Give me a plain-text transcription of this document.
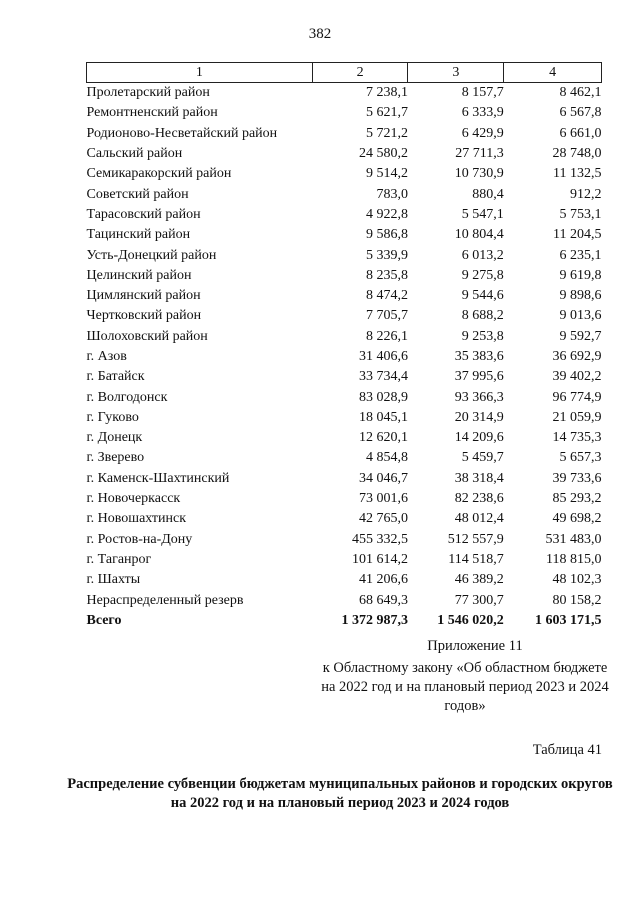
382
1	2	3	4
Пролетарский район	7 238,1	8 157,7	8 462,1
Ремонтненский район	5 621,7	6 333,9	6 567,8
Родионово-Несветайский район	5 721,2	6 429,9	6 661,0
Сальский район	24 580,2	27 711,3	28 748,0
Семикаракорский район	9 514,2	10 730,9	11 132,5
Советский район	783,0	880,4	912,2
Тарасовский район	4 922,8	5 547,1	5 753,1
Тацинский район	9 586,8	10 804,4	11 204,5
Усть-Донецкий район	5 339,9	6 013,2	6 235,1
Целинский район	8 235,8	9 275,8	9 619,8
Цимлянский район	8 474,2	9 544,6	9 898,6
Чертковский район	7 705,7	8 688,2	9 013,6
Шолоховский район	8 226,1	9 253,8	9 592,7
г. Азов	31 406,6	35 383,6	36 692,9
г. Батайск	33 734,4	37 995,6	39 402,2
г. Волгодонск	83 028,9	93 366,3	96 774,9
г. Гуково	18 045,1	20 314,9	21 059,9
г. Донецк	12 620,1	14 209,6	14 735,3
г. Зверево	4 854,8	5 459,7	5 657,3
г. Каменск-Шахтинский	34 046,7	38 318,4	39 733,6
г. Новочеркасск	73 001,6	82 238,6	85 293,2
г. Новошахтинск	42 765,0	48 012,4	49 698,2
г. Ростов-на-Дону	455 332,5	512 557,9	531 483,0
г. Таганрог	101 614,2	114 518,7	118 815,0
г. Шахты	41 206,6	46 389,2	48 102,3
Нераспределенный резерв	68 649,3	77 300,7	80 158,2
Всего	1 372 987,3	1 546 020,2	1 603 171,5
Приложение 11
к Областному закону «Об областном бюджете на 2022 год и на плановый период 2023 и 2024 годов»
Таблица 41
Распределение субвенции бюджетам муниципальных районов и городских округов на 2022 год и на плановый период 2023 и 2024 годов
